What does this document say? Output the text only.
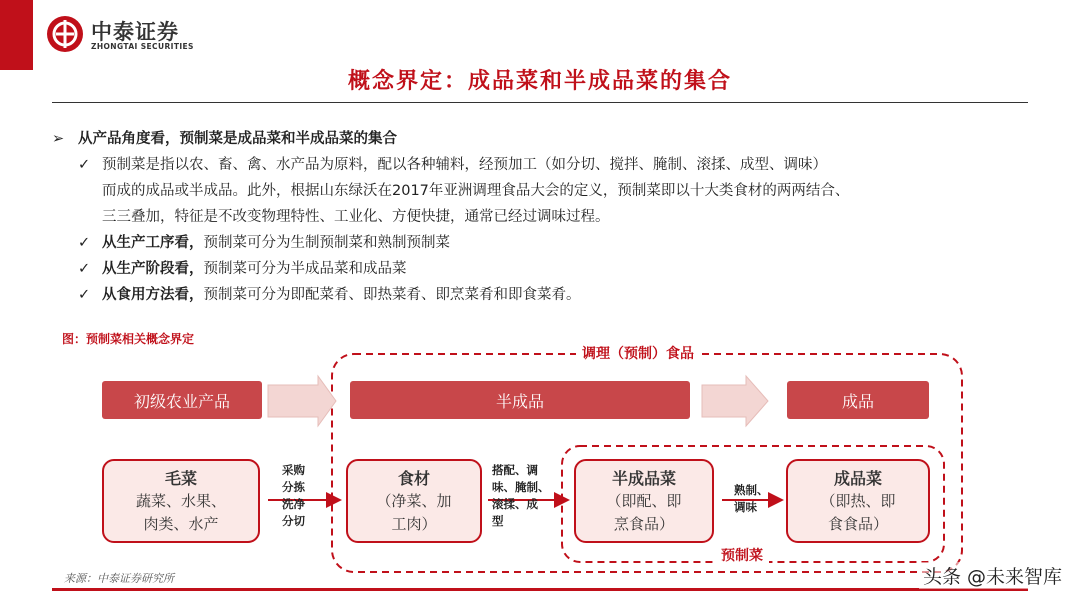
中泰证券
ZHONGTAI SECURITIES
概念界定：成品菜和半成品菜的集合
➢ 从产品角度看，预制菜是成品菜和半成品菜的集合
✓ 预制菜是指以农、畜、禽、水产品为原料，配以各种辅料，经预加工（如分切、搅拌、腌制、滚揉、成型、调味）
而成的成品或半成品。此外，根据山东绿沃在2017年亚洲调理食品大会的定义，预制菜即以十大类食材的两两结合、
三三叠加，特征是不改变物理特性、工业化、方便快捷，通常已经过调味过程。
✓ 从生产工序看，预制菜可分为生制预制菜和熟制预制菜
✓ 从生产阶段看，预制菜可分为半成品菜和成品菜
✓ 从食用方法看，预制菜可分为即配菜肴、即热菜肴、即烹菜肴和即食菜肴。
图：预制菜相关概念界定
调理（预制）食品
预制菜
初级农业产品	半成品	成品
毛菜
蔬菜、水果、
肉类、水产
采购
分拣
洗净
分切
食材
（净菜、加
工肉）
搭配、调
味、腌制、
滚揉、成
型
半成品菜
（即配、即
烹食品）
熟制、
调味
成品菜
（即热、即
食食品）
来源：中泰证券研究所	头条 @未来智库
